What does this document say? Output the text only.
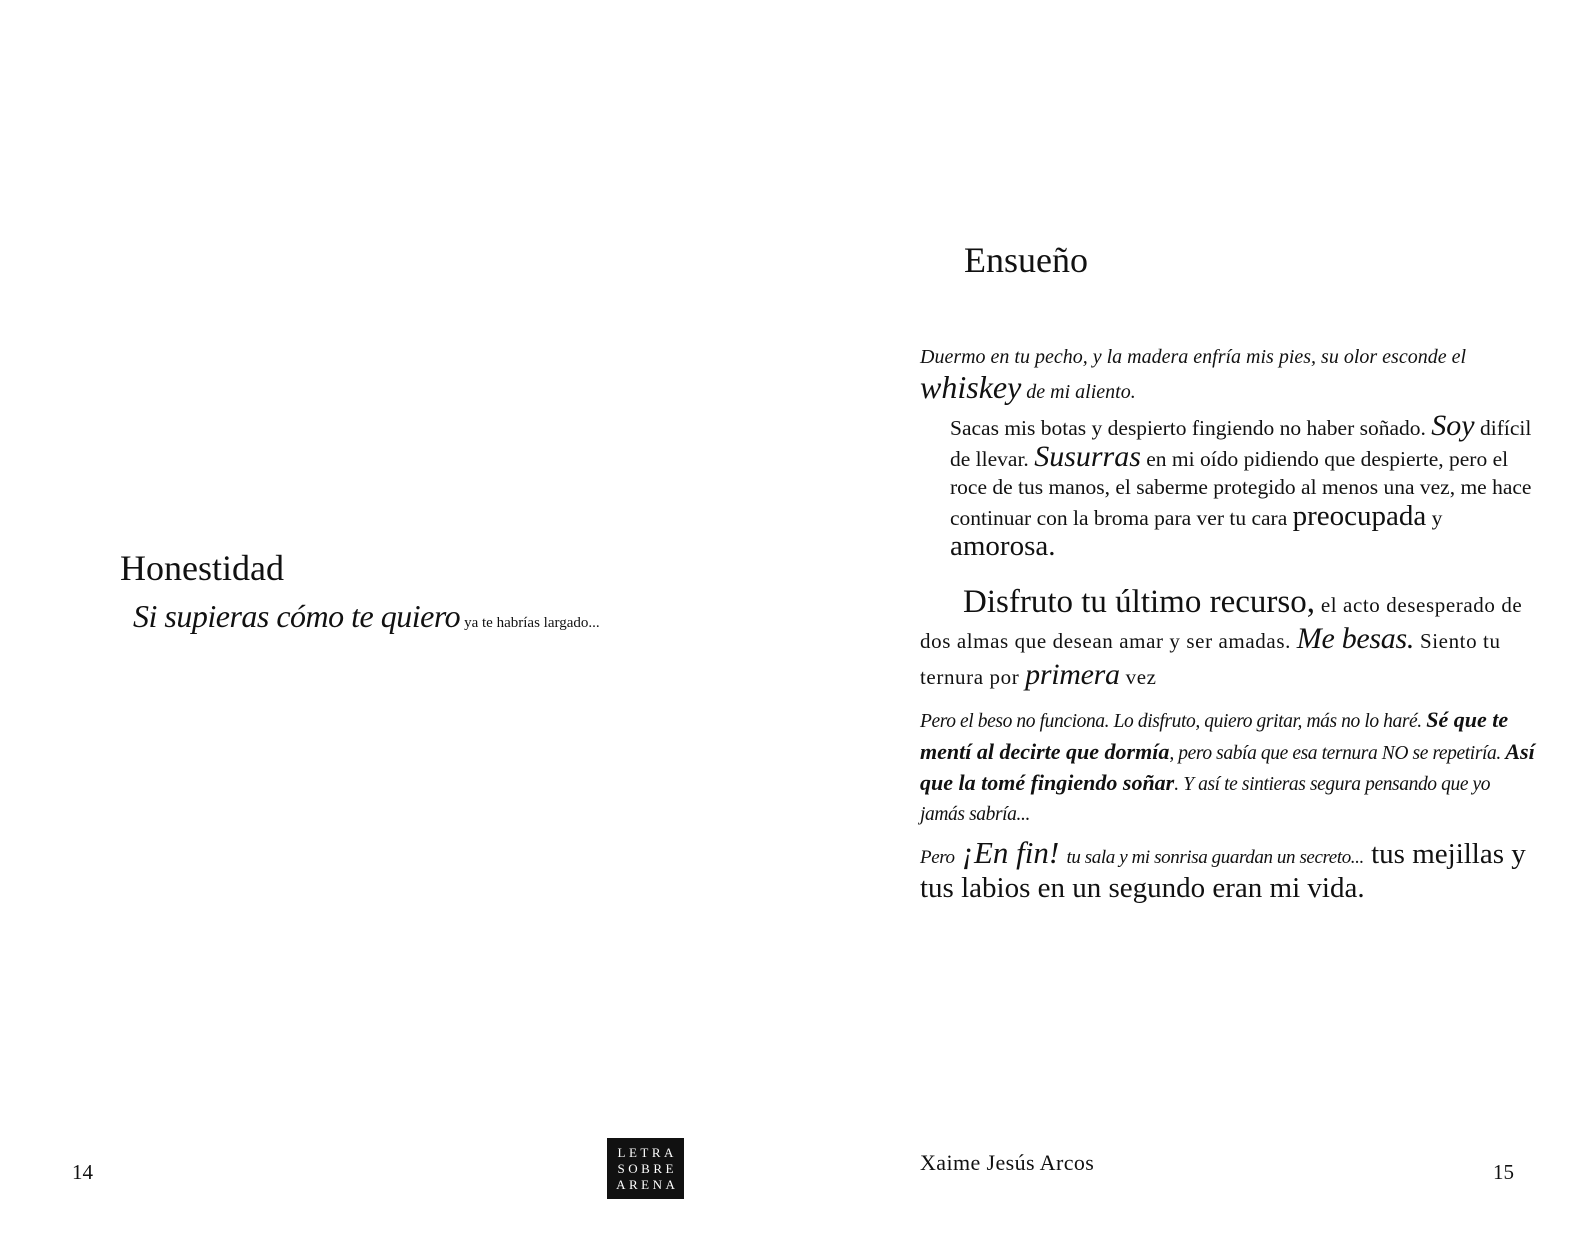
Honestidad
Si supieras cómo te quiero ya te habrías largado...
Ensueño
Duermo en tu pecho, y la madera enfría mis pies, su olor esconde el whiskey de mi aliento.
Sacas mis botas y despierto fingiendo no haber soñado. Soy difícil de llevar. Susurras en mi oído pidiendo que despierte, pero el roce de tus manos, el saberme protegido al menos una vez, me hace continuar con la broma para ver tu cara preocupada y amorosa.
Disfruto tu último recurso, el acto desesperado de dos almas que desean amar y ser amadas. Me besas. Siento tu ternura por primera vez
Pero el beso no funciona. Lo disfruto, quiero gritar, más no lo haré. Sé que te mentí al decirte que dormía, pero sabía que esa ternura NO se repetiría. Así que la tomé fingiendo soñar. Y así te sintieras segura pensando que yo jamás sabría...
Pero ¡En fin! tu sala y mi sonrisa guardan un secreto... tus mejillas y tus labios en un segundo eran mi vida.
14
LETRA
SOBRE
ARENA
Xaime Jesús Arcos	15
